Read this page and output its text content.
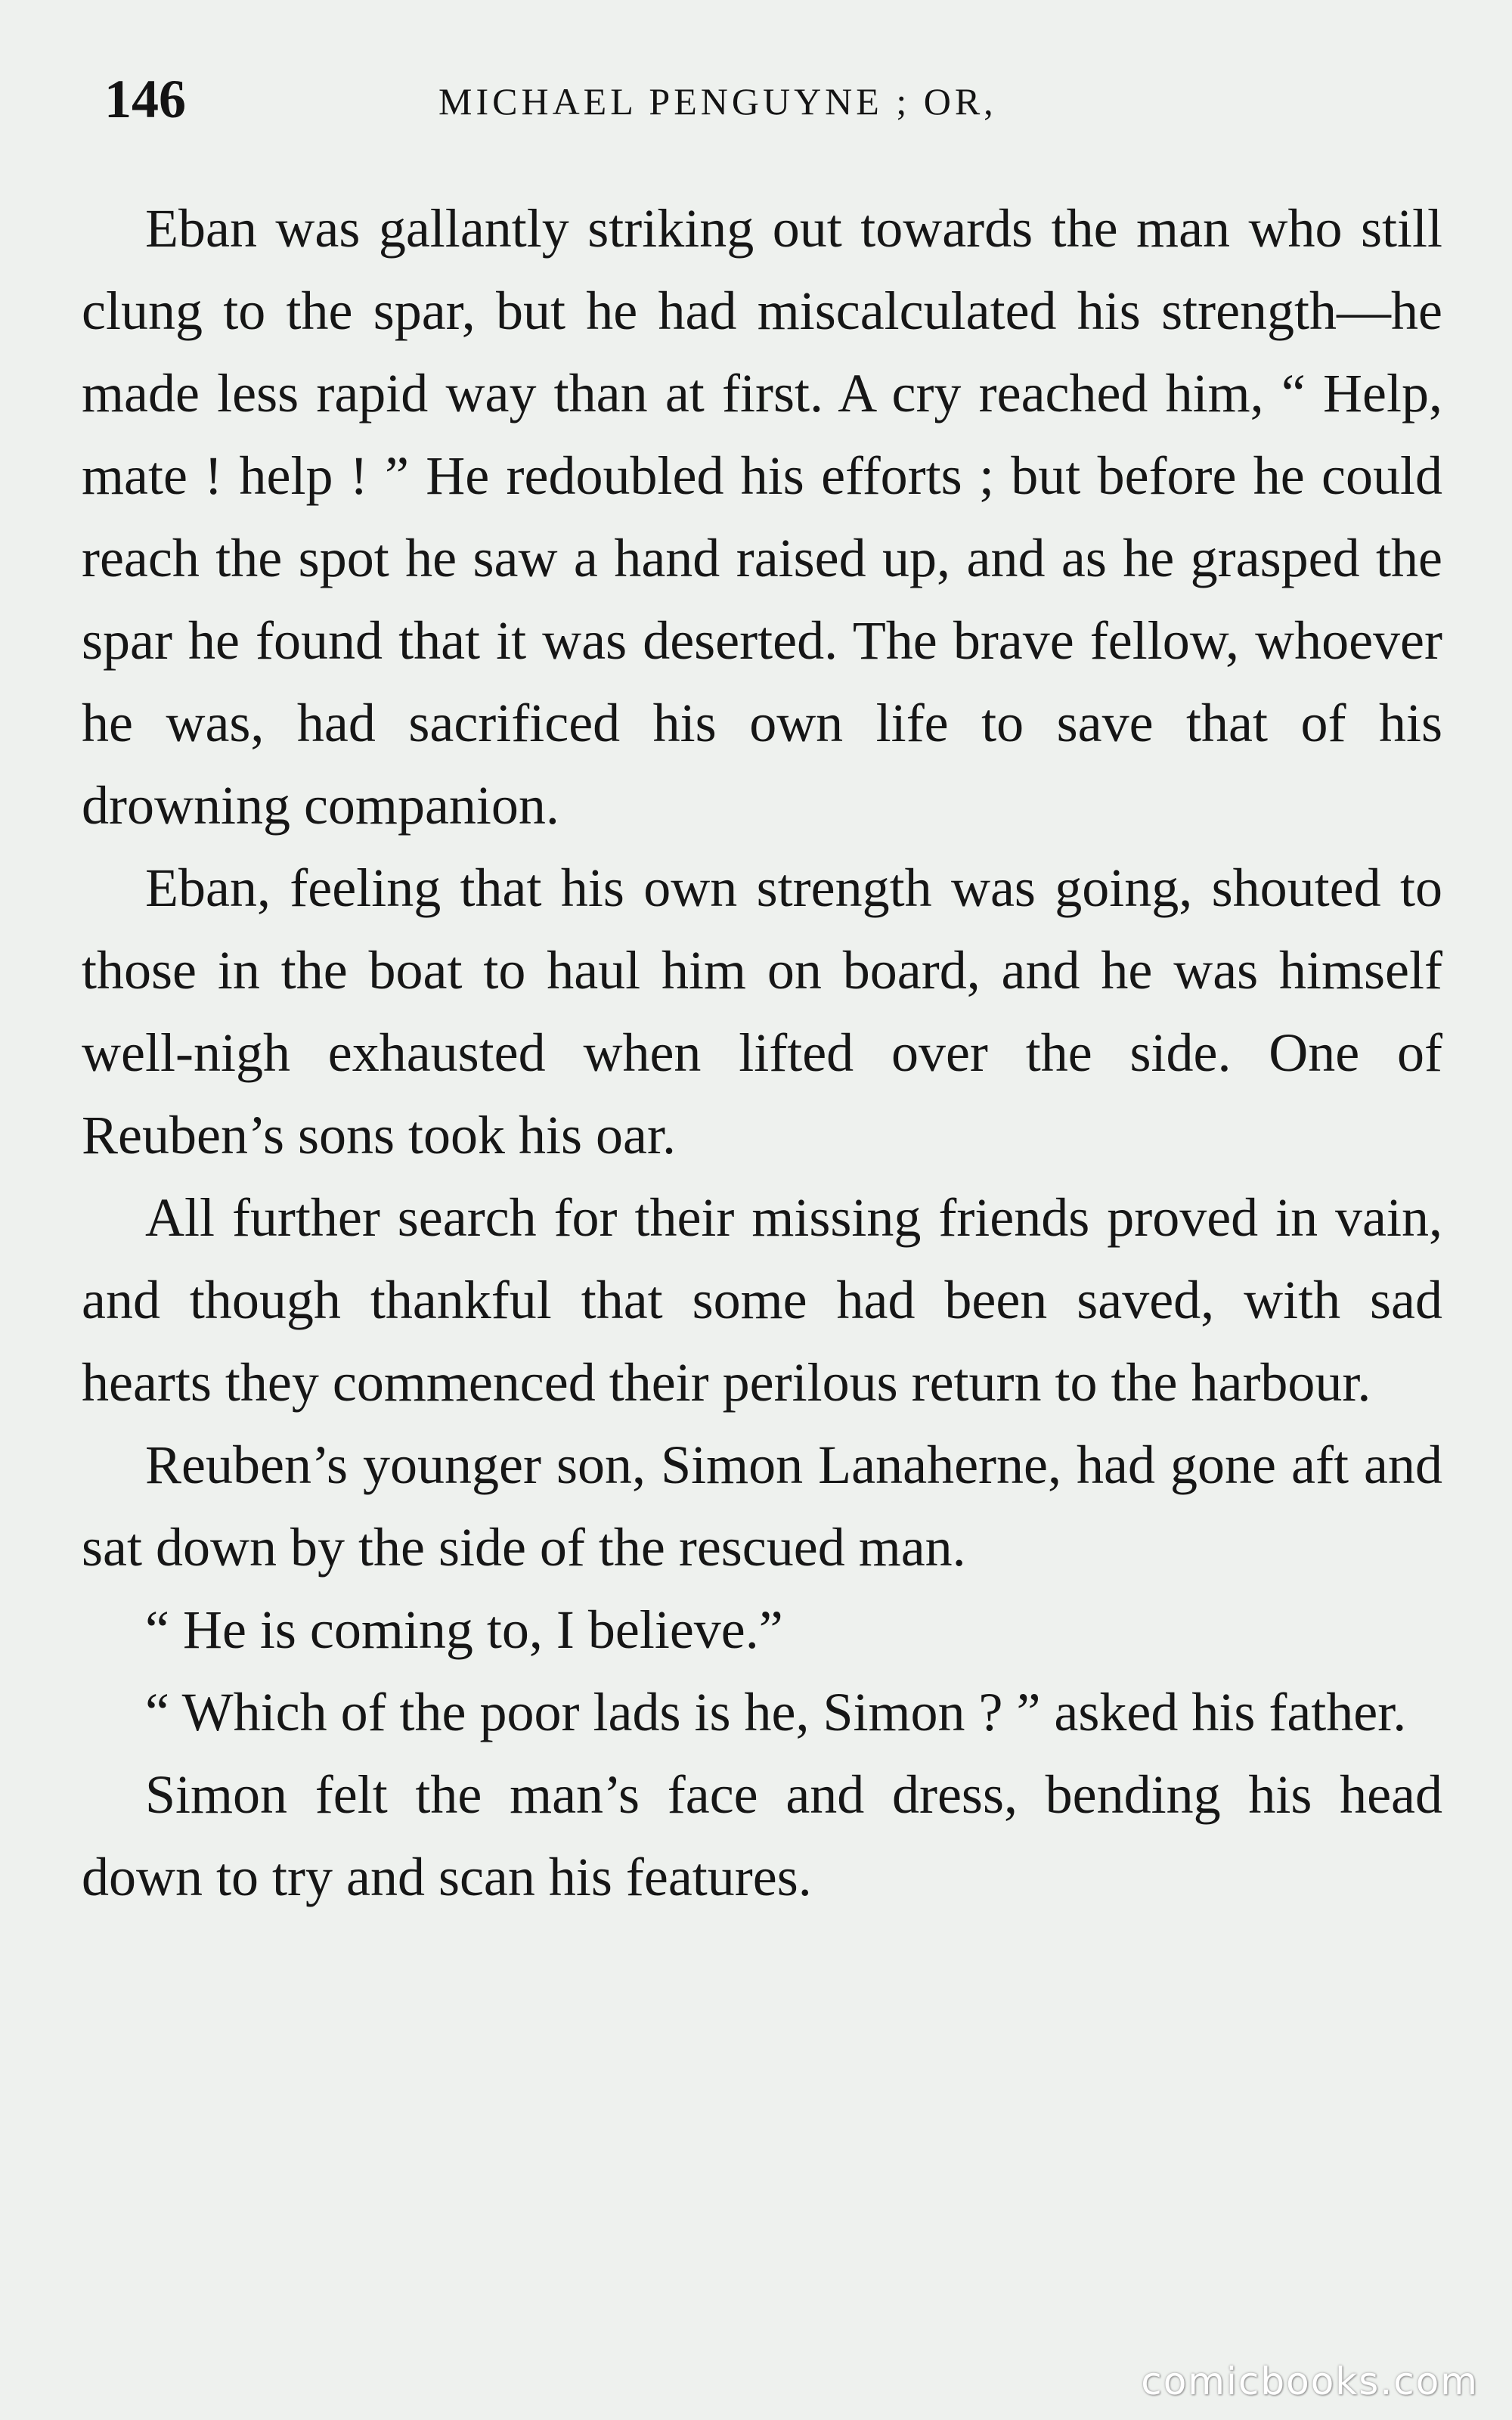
146	MICHAEL PENGUYNE ; OR,

Eban was gallantly striking out towards the man who still clung to the spar, but he had miscalculated his strength—he made less rapid way than at first. A cry reached him, “ Help, mate ! help ! ” He redoubled his efforts ; but before he could reach the spot he saw a hand raised up, and as he grasped the spar he found that it was deserted. The brave fellow, whoever he was, had sacrificed his own life to save that of his drowning companion.

Eban, feeling that his own strength was going, shouted to those in the boat to haul him on board, and he was himself well-nigh exhausted when lifted over the side. One of Reuben’s sons took his oar.

All further search for their missing friends proved in vain, and though thankful that some had been saved, with sad hearts they commenced their perilous return to the harbour.

Reuben’s younger son, Simon Lanaherne, had gone aft and sat down by the side of the rescued man.

“ He is coming to, I believe.”

“ Which of the poor lads is he, Simon ? ” asked his father.

Simon felt the man’s face and dress, bending his head down to try and scan his features.

comicbooks.com
